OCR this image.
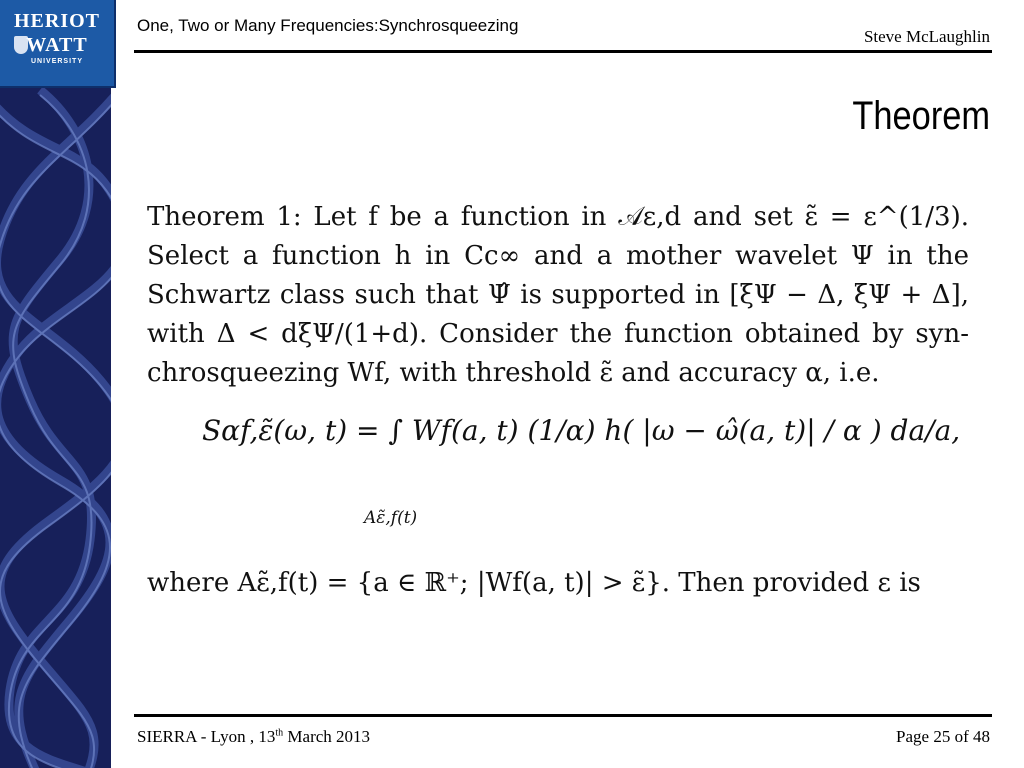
HERIOT
WATT
UNIVERSITY
One, Two or Many Frequencies:Synchrosqueezing
Steve McLaughlin
Theorem
Theorem 1: Let f be a function in 𝒜ε,d and set ε̃ = ε^(1/3).
Select a function h in Cc∞ and a mother wavelet Ψ in the
Schwartz class such that Ψ̂ is supported in [ξΨ − Δ, ξΨ + Δ],
with Δ < dξΨ/(1+d). Consider the function obtained by syn-
chrosqueezing Wf, with threshold ε̃ and accuracy α, i.e.
Sαf,ε̃(ω, t) = ∫ Wf(a, t) (1/α) h( |ω − ω̂(a, t)| / α ) da/a,
Aε̃,f(t)
where Aε̃,f(t) = {a ∈ ℝ⁺; |Wf(a, t)| > ε̃}. Then provided ε is
SIERRA - Lyon , 13th March 2013	Page 25 of 48
